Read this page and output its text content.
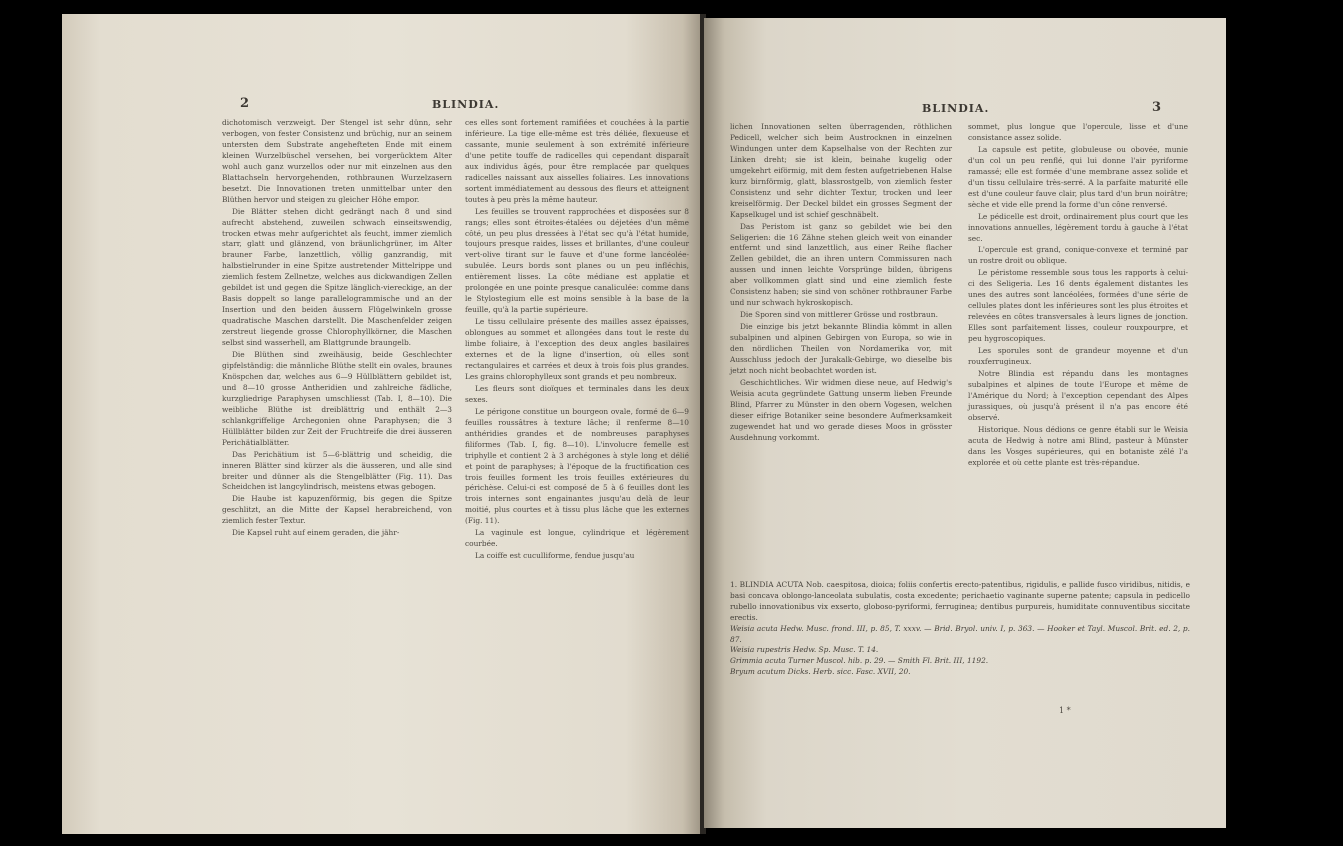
2	BLINDIA.

dichotomisch verzweigt. Der Stengel ist sehr dünn, sehr verbogen, von fester Consistenz und brüchig, nur an seinem untersten dem Substrate angehefteten Ende mit einem kleinen Wurzelbüschel versehen, bei vorgerücktem Alter wohl auch ganz wurzellos oder nur mit einzelnen aus den Blattachseln hervorgehenden, rothbraunen Wurzelzasern besetzt. Die Innovationen treten unmittelbar unter den Blüthen hervor und steigen zu gleicher Höhe empor.

Die Blätter stehen dicht gedrängt nach 8 und sind aufrecht abstehend, zuweilen schwach einseitswendig, trocken etwas mehr aufgerichtet als feucht, immer ziemlich starr, glatt und glänzend, von bräunlichgrüner, im Alter brauner Farbe, lanzettlich, völlig ganzrandig, mit halbstielrunder in eine Spitze austretender Mittelrippe und ziemlich festem Zellnetze, welches aus dickwandigen Zellen gebildet ist und gegen die Spitze länglich-viereckige, an der Basis doppelt so lange parallelogrammische und an der Insertion und den beiden äussern Flügelwinkeln grosse quadratische Maschen darstellt. Die Maschenfelder zeigen zerstreut liegende grosse Chlorophyllkörner, die Maschen selbst sind wasserhell, am Blattgrunde braungelb.

Die Blüthen sind zweihäusig, beide Geschlechter gipfelständig: die männliche Blüthe stellt ein ovales, braunes Knöspchen dar, welches aus 6—9 Hüllblättern gebildet ist, und 8—10 grosse Antheridien und zahlreiche fädliche, kurzgliedrige Paraphysen umschliesst (Tab. I, 8—10). Die weibliche Blüthe ist dreiblättrig und enthält 2—3 schlankgriffelige Archegonien ohne Paraphysen; die 3 Hüllblätter bilden zur Zeit der Fruchtreife die drei äusseren Perichätialblätter.

Das Perichätium ist 5—6-blättrig und scheidig, die inneren Blätter sind kürzer als die äusseren, und alle sind breiter und dünner als die Stengelblätter (Fig. 11). Das Scheidchen ist langcylindrisch, meistens etwas gebogen.

Die Haube ist kapuzenförmig, bis gegen die Spitze geschlitzt, an die Mitte der Kapsel herabreichend, von ziemlich fester Textur.

Die Kapsel ruht auf einem geraden, die jähr-

ces elles sont fortement ramifiées et couchées à la partie inférieure. La tige elle-même est très déliée, flexueuse et cassante, munie seulement à son extrémité inférieure d'une petite touffe de radicelles qui cependant disparaît aux individus âgés, pour être remplacée par quelques radicelles naissant aux aisselles foliaires. Les innovations sortent immédiatement au dessous des fleurs et atteignent toutes à peu près la même hauteur.

Les feuilles se trouvent rapprochées et disposées sur 8 rangs; elles sont étroites-étalées ou déjetées d'un même côté, un peu plus dressées à l'état sec qu'à l'état humide, toujours presque raides, lisses et brillantes, d'une couleur vert-olive tirant sur le fauve et d'une forme lancéolée-subulée. Leurs bords sont planes ou un peu infléchis, entièrement lisses. La côte médiane est applatie et prolongée en une pointe presque canaliculée: comme dans le Stylostegium elle est moins sensible à la base de la feuille, qu'à la partie supérieure.

Le tissu cellulaire présente des mailles assez épaisses, oblongues au sommet et allongées dans tout le reste du limbe foliaire, à l'exception des deux angles basilaires externes et de la ligne d'insertion, où elles sont rectangulaires et carrées et deux à trois fois plus grandes. Les grains chlorophylleux sont grands et peu nombreux.

Les fleurs sont dioïques et terminales dans les deux sexes.

Le périgone constitue un bourgeon ovale, formé de 6—9 feuilles roussâtres à texture lâche; il renferme 8—10 anthéridies grandes et de nombreuses paraphyses filiformes (Tab. I, fig. 8—10). L'involucre femelle est triphylle et contient 2 à 3 archégones à style long et délié et point de paraphyses; à l'époque de la fructification ces trois feuilles forment les trois feuilles extérieures du périchèse. Celui-ci est composé de 5 à 6 feuilles dont les trois internes sont engainantes jusqu'au delà de leur moitié, plus courtes et à tissu plus lâche que les externes (Fig. 11).

La vaginule est longue, cylindrique et légèrement courbée.

La coiffe est cuculliforme, fendue jusqu'au

BLINDIA.	3

lichen Innovationen selten überragenden, röthlichen Pedicell, welcher sich beim Austrocknen in einzelnen Windungen unter dem Kapselhalse von der Rechten zur Linken dreht; sie ist klein, beinahe kugelig oder umgekehrt eiförmig, mit dem festen aufgetriebenen Halse kurz birnförmig, glatt, blassrostgelb, von ziemlich fester Consistenz und sehr dichter Textur, trocken und leer kreiselförmig. Der Deckel bildet ein grosses Segment der Kapselkugel und ist schief geschnäbelt.

Das Peristom ist ganz so gebildet wie bei den Seligerien: die 16 Zähne stehen gleich weit von einander entfernt und sind lanzettlich, aus einer Reihe flacher Zellen gebildet, die an ihren untern Commissuren nach aussen und innen leichte Vorsprünge bilden, übrigens aber vollkommen glatt sind und eine ziemlich feste Consistenz haben; sie sind von schöner rothbrauner Farbe und nur schwach hykroskopisch.

Die Sporen sind von mittlerer Grösse und rostbraun.

Die einzige bis jetzt bekannte Blindia kömmt in allen subalpinen und alpinen Gebirgen von Europa, so wie in den nördlichen Theilen von Nordamerika vor, mit Ausschluss jedoch der Jurakalk-Gebirge, wo dieselbe bis jetzt noch nicht beobachtet worden ist.

Geschichtliches. Wir widmen diese neue, auf Hedwig's Weisia acuta gegründete Gattung unserm lieben Freunde Blind, Pfarrer zu Münster in den obern Vogesen, welchen dieser eifrige Botaniker seine besondere Aufmerksamkeit zugewendet hat und wo gerade dieses Moos in grösster Ausdehnung vorkommt.

sommet, plus longue que l'opercule, lisse et d'une consistance assez solide.

La capsule est petite, globuleuse ou obovée, munie d'un col un peu renflé, qui lui donne l'air pyriforme ramassé; elle est formée d'une membrane assez solide et d'un tissu cellulaire très-serré. A la parfaite maturité elle est d'une couleur fauve clair, plus tard d'un brun noirâtre; sèche et vide elle prend la forme d'un cône renversé.

Le pédicelle est droit, ordinairement plus court que les innovations annuelles, légèrement tordu à gauche à l'état sec.

L'opercule est grand, conique-convexe et terminé par un rostre droit ou oblique.

Le péristome ressemble sous tous les rapports à celui-ci des Seligeria. Les 16 dents également distantes les unes des autres sont lancéolées, formées d'une série de cellules plates dont les inférieures sont les plus étroites et relevées en côtes transversales à leurs lignes de jonction. Elles sont parfaitement lisses, couleur rouxpourpre, et peu hygroscopiques.

Les sporules sont de grandeur moyenne et d'un rouxferrugineux.

Notre Blindia est répandu dans les montagnes subalpines et alpines de toute l'Europe et même de l'Amérique du Nord; à l'exception cependant des Alpes jurassiques, où jusqu'à présent il n'a pas encore été observé.

Historique. Nous dédions ce genre établi sur le Weisia acuta de Hedwig à notre ami Blind, pasteur à Münster dans les Vosges supérieures, qui en botaniste zélé l'a explorée et où cette plante est très-répandue.

1. BLINDIA ACUTA Nob. caespitosa, dioica; foliis confertis erecto-patentibus, rigidulis, e pallide fusco viridibus, nitidis, e basi concava oblongo-lanceolata subulatis, costa excedente; perichaetio vaginante superne patente; capsula in pedicello rubello innovationibus vix exserto, globoso-pyriformi, ferruginea; dentibus purpureis, humiditate connuventibus siccitate erectis.

Weisia acuta Hedw. Musc. frond. III, p. 85, T. xxxv. — Brid. Bryol. univ. I, p. 363. — Hooker et Tayl. Muscol. Brit. ed. 2, p. 87.

Weisia rupestris Hedw. Sp. Musc. T. 14.

Grimmia acuta Turner Muscol. hib. p. 29. — Smith Fl. Brit. III, 1192.

Bryum acutum Dicks. Herb. sicc. Fasc. XVII, 20.

1 *
